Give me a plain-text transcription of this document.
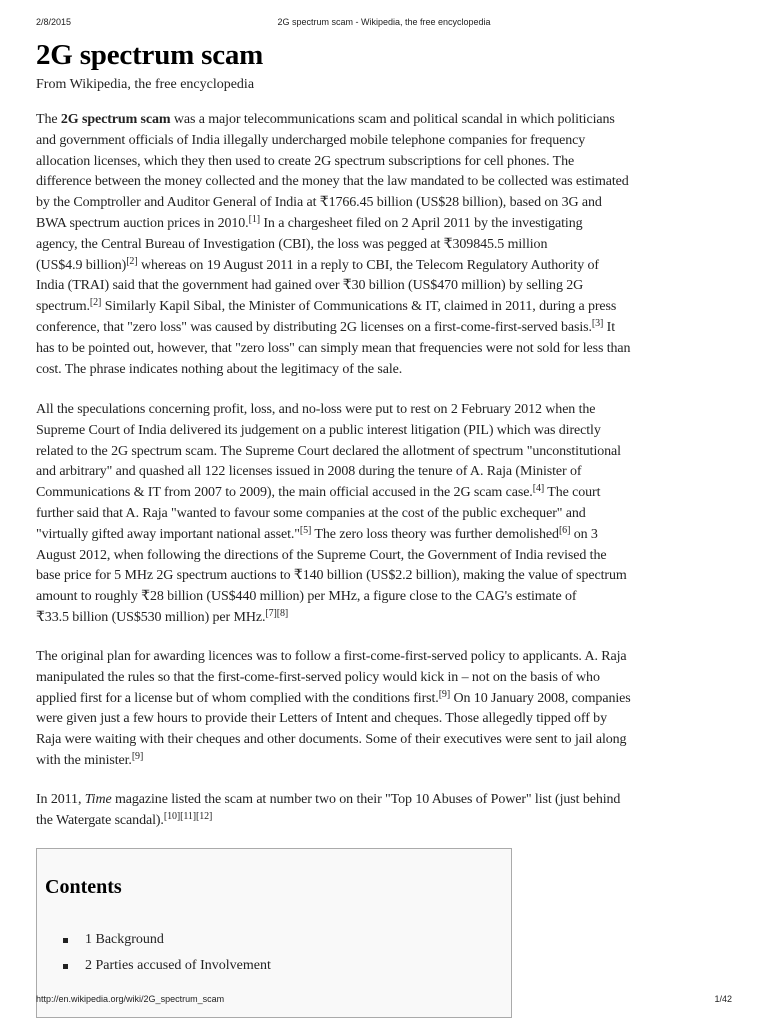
2/8/2015	2G spectrum scam - Wikipedia, the free encyclopedia
2G spectrum scam
From Wikipedia, the free encyclopedia
The 2G spectrum scam was a major telecommunications scam and political scandal in which politicians
and government officials of India illegally undercharged mobile telephone companies for frequency
allocation licenses, which they then used to create 2G spectrum subscriptions for cell phones. The
difference between the money collected and the money that the law mandated to be collected was estimated
by the Comptroller and Auditor General of India at ₹1766.45 billion (US$28 billion), based on 3G and
BWA spectrum auction prices in 2010.[1] In a chargesheet filed on 2 April 2011 by the investigating
agency, the Central Bureau of Investigation (CBI), the loss was pegged at ₹309845.5 million
(US$4.9 billion)[2] whereas on 19 August 2011 in a reply to CBI, the Telecom Regulatory Authority of
India (TRAI) said that the government had gained over ₹30 billion (US$470 million) by selling 2G
spectrum.[2] Similarly Kapil Sibal, the Minister of Communications & IT, claimed in 2011, during a press
conference, that "zero loss" was caused by distributing 2G licenses on a first-come-first-served basis.[3] It
has to be pointed out, however, that "zero loss" can simply mean that frequencies were not sold for less than
cost. The phrase indicates nothing about the legitimacy of the sale.
All the speculations concerning profit, loss, and no-loss were put to rest on 2 February 2012 when the
Supreme Court of India delivered its judgement on a public interest litigation (PIL) which was directly
related to the 2G spectrum scam. The Supreme Court declared the allotment of spectrum "unconstitutional
and arbitrary" and quashed all 122 licenses issued in 2008 during the tenure of A. Raja (Minister of
Communications & IT from 2007 to 2009), the main official accused in the 2G scam case.[4] The court
further said that A. Raja "wanted to favour some companies at the cost of the public exchequer" and
"virtually gifted away important national asset."[5] The zero loss theory was further demolished[6] on 3
August 2012, when following the directions of the Supreme Court, the Government of India revised the
base price for 5 MHz 2G spectrum auctions to ₹140 billion (US$2.2 billion), making the value of spectrum
amount to roughly ₹28 billion (US$440 million) per MHz, a figure close to the CAG's estimate of
₹33.5 billion (US$530 million) per MHz.[7][8]
The original plan for awarding licences was to follow a first-come-first-served policy to applicants. A. Raja
manipulated the rules so that the first-come-first-served policy would kick in – not on the basis of who
applied first for a license but of whom complied with the conditions first.[9] On 10 January 2008, companies
were given just a few hours to provide their Letters of Intent and cheques. Those allegedly tipped off by
Raja were waiting with their cheques and other documents. Some of their executives were sent to jail along
with the minister.[9]
In 2011, Time magazine listed the scam at number two on their "Top 10 Abuses of Power" list (just behind
the Watergate scandal).[10][11][12]
Contents
1 Background
2 Parties accused of Involvement
http://en.wikipedia.org/wiki/2G_spectrum_scam	1/42
